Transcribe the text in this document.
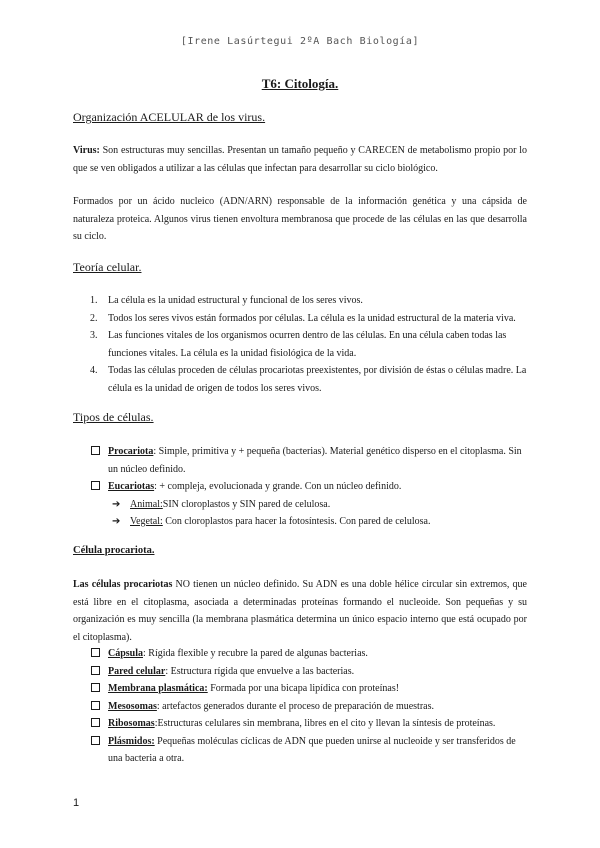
[Irene Lasúrtegui 2ºA Bach Biología]
T6: Citología.
Organización ACELULAR de los virus.
Virus: Son estructuras muy sencillas. Presentan un tamaño pequeño y CARECEN de metabolismo propio por lo que se ven obligados a utilizar a las células que infectan para desarrollar su ciclo biológico.
Formados por un ácido nucleico (ADN/ARN) responsable de la información genética y una cápsida de naturaleza proteica. Algunos virus tienen envoltura membranosa que procede de las células en las que desarrolla su ciclo.
Teoría celular.
1. La célula es la unidad estructural y funcional de los seres vivos.
2. Todos los seres vivos están formados por células. La célula es la unidad estructural de la materia viva.
3. Las funciones vitales de los organismos ocurren dentro de las células. En una célula caben todas las funciones vitales. La célula es la unidad fisiológica de la vida.
4. Todas las células proceden de células procariotas preexistentes, por división de éstas o células madre. La célula es la unidad de origen de todos los seres vivos.
Tipos de células.
Procariota: Simple, primitiva y + pequeña (bacterias). Material genético disperso en el citoplasma. Sin un núcleo definido.
Eucariotas: + compleja, evolucionada y grande. Con un núcleo definido.
➔ Animal:SIN cloroplastos y SIN pared de celulosa.
➔ Vegetal: Con cloroplastos para hacer la fotosíntesis. Con pared de celulosa.
Célula procariota.
Las células procariotas NO tienen un núcleo definido. Su ADN es una doble hélice circular sin extremos, que está libre en el citoplasma, asociada a determinadas proteínas formando el nucleoide. Son pequeñas y su organización es muy sencilla (la membrana plasmática determina un único espacio interno que está ocupado por el citoplasma).
Cápsula: Rígida flexible y recubre la pared de algunas bacterias.
Pared celular: Estructura rígida que envuelve a las bacterias.
Membrana plasmática: Formada por una bicapa lipídica con proteínas!
Mesosomas: artefactos generados durante el proceso de preparación de muestras.
Ribosomas:Estructuras celulares sin membrana, libres en el cito y llevan la síntesis de proteínas.
Plásmidos: Pequeñas moléculas cíclicas de ADN que pueden unirse al nucleoide y ser transferidos de una bacteria a otra.
1
